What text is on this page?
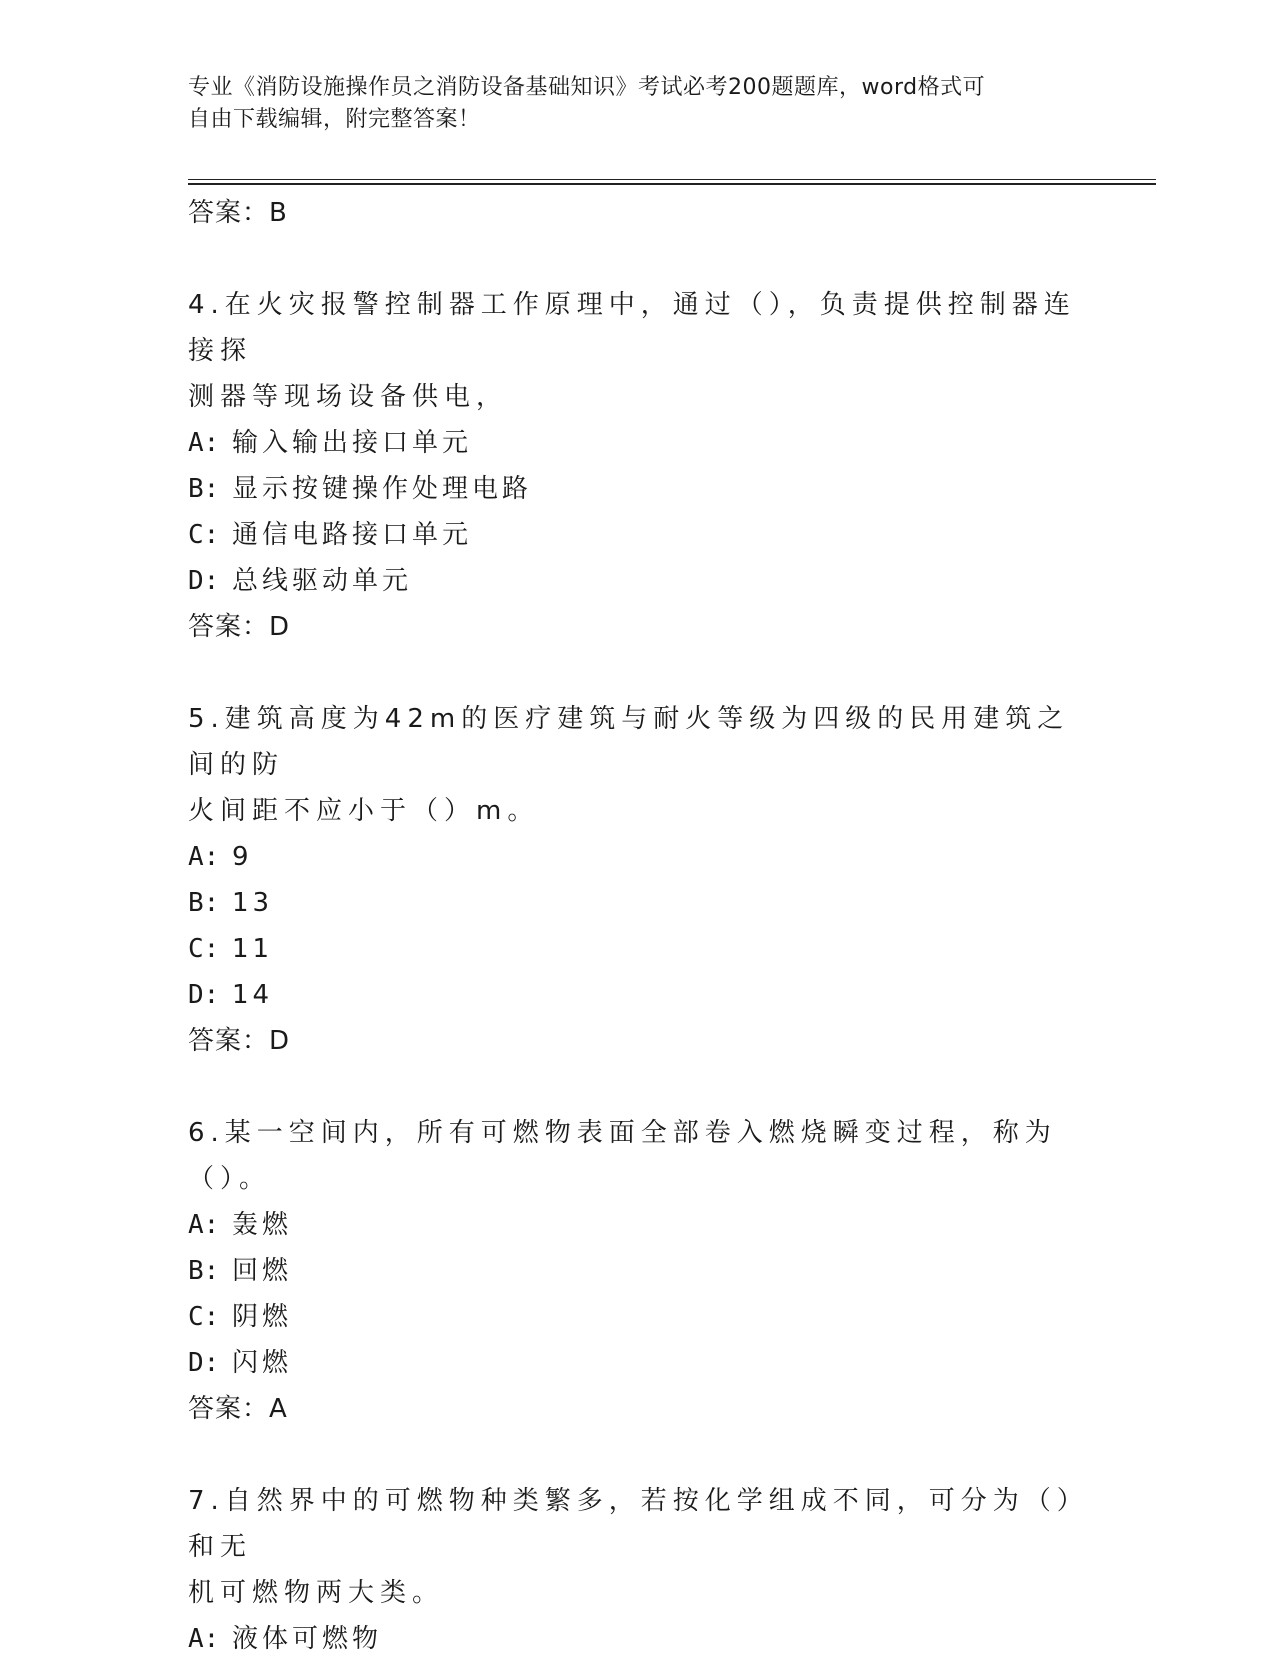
专业《消防设施操作员之消防设备基础知识》考试必考200题题库，word格式可
自由下载编辑，附完整答案！
答案：B
4.在火灾报警控制器工作原理中，通过（），负责提供控制器连接探
测器等现场设备供电，
A: 输入输出接口单元
B: 显示按键操作处理电路
C: 通信电路接口单元
D: 总线驱动单元
答案：D
5.建筑高度为42m的医疗建筑与耐火等级为四级的民用建筑之间的防
火间距不应小于（）m。
A: 9
B: 13
C: 11
D: 14
答案：D
6.某一空间内，所有可燃物表面全部卷入燃烧瞬变过程，称为（）。
A: 轰燃
B: 回燃
C: 阴燃
D: 闪燃
答案：A
7.自然界中的可燃物种类繁多，若按化学组成不同，可分为（）和无
机可燃物两大类。
A: 液体可燃物
